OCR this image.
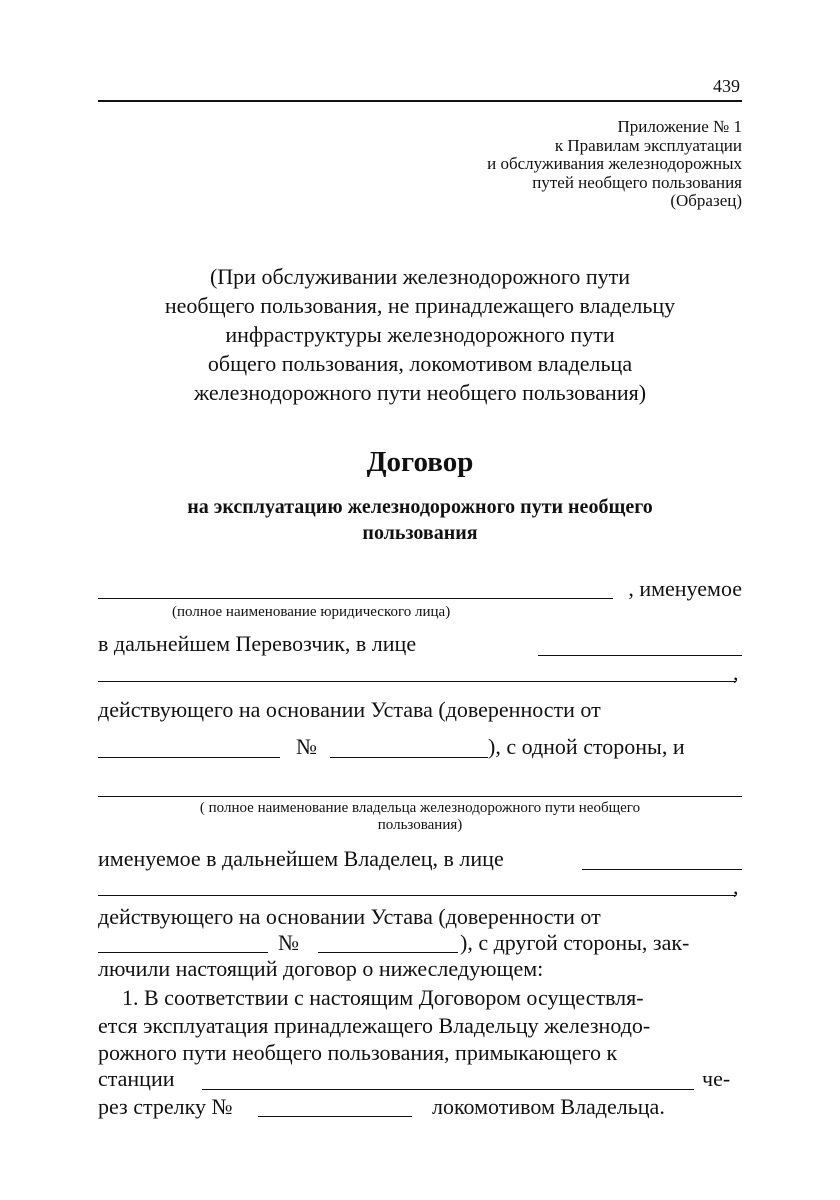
439
Приложение № 1
к Правилам эксплуатации
и обслуживания железнодорожных
путей необщего пользования
(Образец)
(При обслуживании железнодорожного пути
необщего пользования, не принадлежащего владельцу
инфраструктуры железнодорожного пути
общего пользования, локомотивом владельца
железнодорожного пути необщего пользования)
Договор
на эксплуатацию железнодорожного пути необщего
пользования
, именуемое
(полное наименование юридического лица)
в дальнейшем Перевозчик, в лице
,
действующего на основании Устава (доверенности от
№	), с одной стороны, и
( полное наименование владельца железнодорожного пути необщего
пользования)
именуемое в дальнейшем Владелец, в лице
,
действующего на основании Устава (доверенности от
№	), с другой стороны, зак-
лючили настоящий договор о нижеследующем:
1. В соответствии с настоящим Договором осуществля-
ется эксплуатация принадлежащего Владельцу железнодо-
рожного пути необщего пользования, примыкающего к
станции	че-
рез стрелку №	локомотивом Владельца.
